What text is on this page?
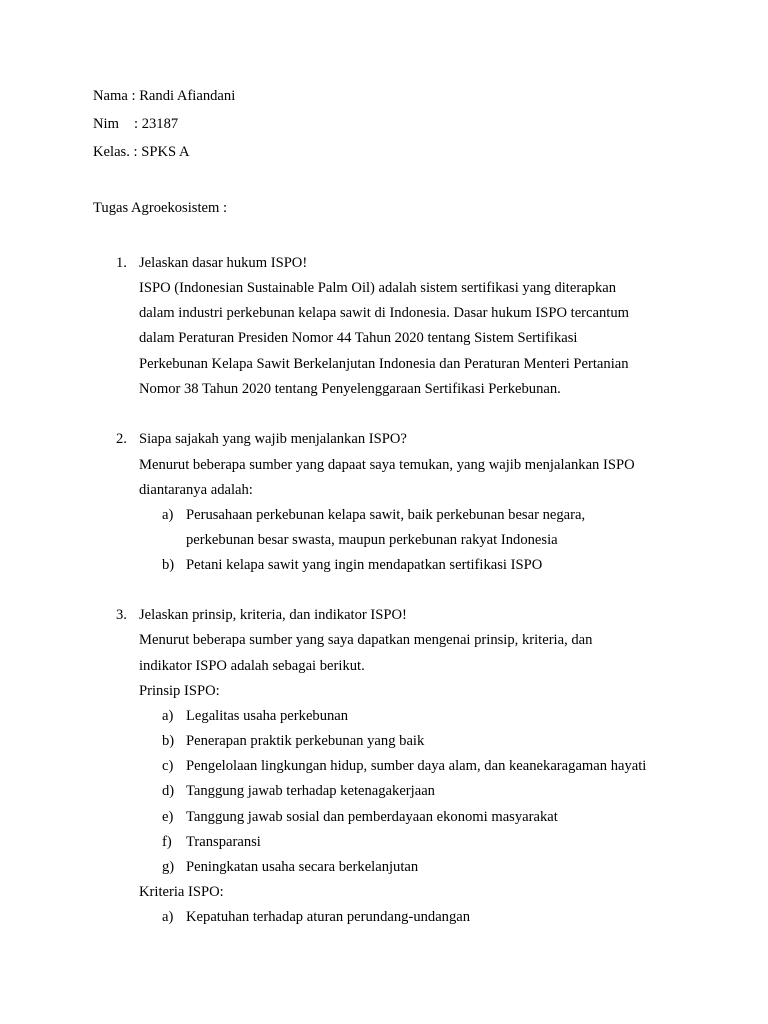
Nama : Randi Afiandani
Nim : 23187
Kelas. : SPKS A
Tugas Agroekosistem :
1. Jelaskan dasar hukum ISPO!
ISPO (Indonesian Sustainable Palm Oil) adalah sistem sertifikasi yang diterapkan
dalam industri perkebunan kelapa sawit di Indonesia. Dasar hukum ISPO tercantum
dalam Peraturan Presiden Nomor 44 Tahun 2020 tentang Sistem Sertifikasi
Perkebunan Kelapa Sawit Berkelanjutan Indonesia dan Peraturan Menteri Pertanian
Nomor 38 Tahun 2020 tentang Penyelenggaraan Sertifikasi Perkebunan.
2. Siapa sajakah yang wajib menjalankan ISPO?
Menurut beberapa sumber yang dapaat saya temukan, yang wajib menjalankan ISPO
diantaranya adalah:
a) Perusahaan perkebunan kelapa sawit, baik perkebunan besar negara,
perkebunan besar swasta, maupun perkebunan rakyat Indonesia
b) Petani kelapa sawit yang ingin mendapatkan sertifikasi ISPO
3. Jelaskan prinsip, kriteria, dan indikator ISPO!
Menurut beberapa sumber yang saya dapatkan mengenai prinsip, kriteria, dan
indikator ISPO adalah sebagai berikut.
Prinsip ISPO:
a) Legalitas usaha perkebunan
b) Penerapan praktik perkebunan yang baik
c) Pengelolaan lingkungan hidup, sumber daya alam, dan keanekaragaman hayati
d) Tanggung jawab terhadap ketenagakerjaan
e) Tanggung jawab sosial dan pemberdayaan ekonomi masyarakat
f) Transparansi
g) Peningkatan usaha secara berkelanjutan
Kriteria ISPO:
a) Kepatuhan terhadap aturan perundang-undangan
